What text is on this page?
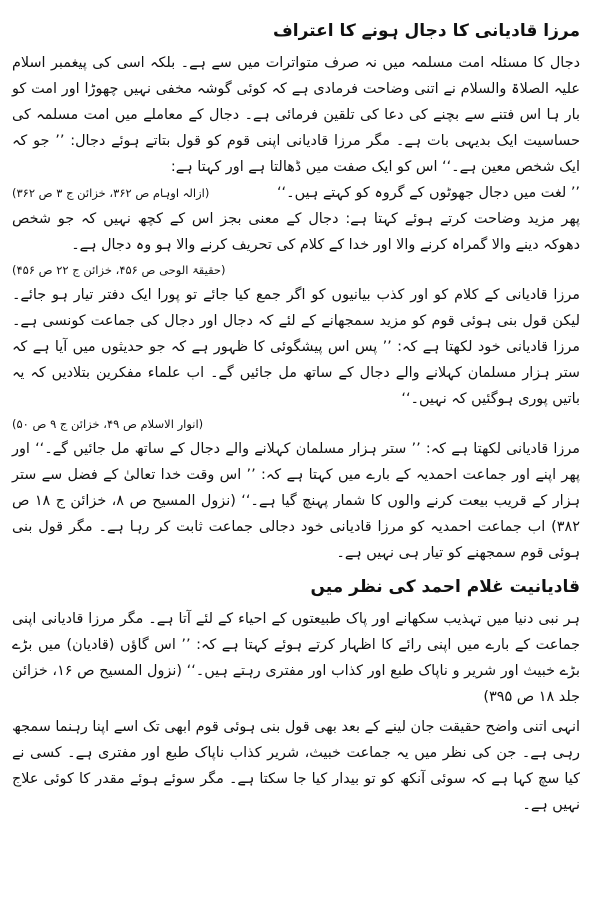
مرزا قادیانی کا دجال ہونے کا اعتراف

دجال کا مسئلہ امت مسلمہ میں نہ صرف متواترات میں سے ہے۔ بلکہ اسی کی پیغمبر اسلام علیہ الصلاۃ والسلام نے اتنی وضاحت فرمادی ہے کہ کوئی گوشہ مخفی نہیں چھوڑا اور امت کو بار ہا اس فتنے سے بچنے کی دعا کی تلقین فرمائی ہے۔ دجال کے معاملے میں امت مسلمہ کی حساسیت ایک بدیہی بات ہے۔ مگر مرزا قادیانی اپنی قوم کو قول بتاتے ہوئے دجال: ’’ جو کہ ایک شخص معین ہے۔‘‘ اس کو ایک صفت میں ڈھالتا ہے اور کہتا ہے:

’’ لغت میں دجال جھوٹوں کے گروہ کو کہتے ہیں۔‘‘
(ازالہ اوہام ص ۳۶۲، خزائن ج ۳ ص ۳۶۲)

پھر مزید وضاحت کرتے ہوئے کہتا ہے: دجال کے معنی بجز اس کے کچھ نہیں کہ جو شخص دھوکہ دینے والا گمراہ کرنے والا اور خدا کے کلام کی تحریف کرنے والا ہو وہ دجال ہے۔

(حقیقۃ الوحی ص ۴۵۶، خزائن ج ۲۲ ص ۴۵۶)

مرزا قادیانی کے کلام کو اور کذب بیانیوں کو اگر جمع کیا جائے تو پورا ایک دفتر تیار ہو جائے۔ لیکن قول بنی ہوئی قوم کو مزید سمجھانے کے لئے کہ دجال اور دجال کی جماعت کونسی ہے۔ مرزا قادیانی خود لکھتا ہے کہ: ’’ پس اس پیشگوئی کا ظہور ہے کہ جو حدیثوں میں آیا ہے کہ ستر ہزار مسلمان کہلانے والے دجال کے ساتھ مل جائیں گے۔ اب علماء مفکرین بتلادیں کہ یہ باتیں پوری ہوگئیں کہ نہیں۔‘‘

(انوار الاسلام ص ۴۹، خزائن ج ۹ ص ۵۰)

مرزا قادیانی لکھتا ہے کہ: ’’ ستر ہزار مسلمان کہلانے والے دجال کے ساتھ مل جائیں گے۔‘‘ اور پھر اپنے اور جماعت احمدیہ کے بارے میں کہتا ہے کہ: ’’ اس وقت خدا تعالیٰ کے فضل سے ستر ہزار کے قریب بیعت کرنے والوں کا شمار پہنچ گیا ہے۔‘‘ (نزول المسیح ص ۸، خزائن ج ۱۸ ص ۳۸۲) اب جماعت احمدیہ کو مرزا قادیانی خود دجالی جماعت ثابت کر رہا ہے۔ مگر قول بنی ہوئی قوم سمجھنے کو تیار ہی نہیں ہے۔

قادیانیت غلام احمد کی نظر میں

ہر نبی دنیا میں تہذیب سکھانے اور پاک طبیعتوں کے احیاء کے لئے آتا ہے۔ مگر مرزا قادیانی اپنی جماعت کے بارے میں اپنی رائے کا اظہار کرتے ہوئے کہتا ہے کہ: ’’ اس گاؤں (قادیان) میں بڑے بڑے خبیث اور شریر و ناپاک طبع اور کذاب اور مفتری رہتے ہیں۔‘‘ (نزول المسیح ص ۱۶، خزائن جلد ۱۸ ص ۳۹۵)

انہی اتنی واضح حقیقت جان لینے کے بعد بھی قول بنی ہوئی قوم ابھی تک اسے اپنا رہنما سمجھ رہی ہے۔ جن کی نظر میں یہ جماعت خبیث، شریر کذاب ناپاک طبع اور مفتری ہے۔ کسی نے کیا سچ کہا ہے کہ سوئی آنکھ کو تو بیدار کیا جا سکتا ہے۔ مگر سوئے ہوئے مقدر کا کوئی علاج نہیں ہے۔
